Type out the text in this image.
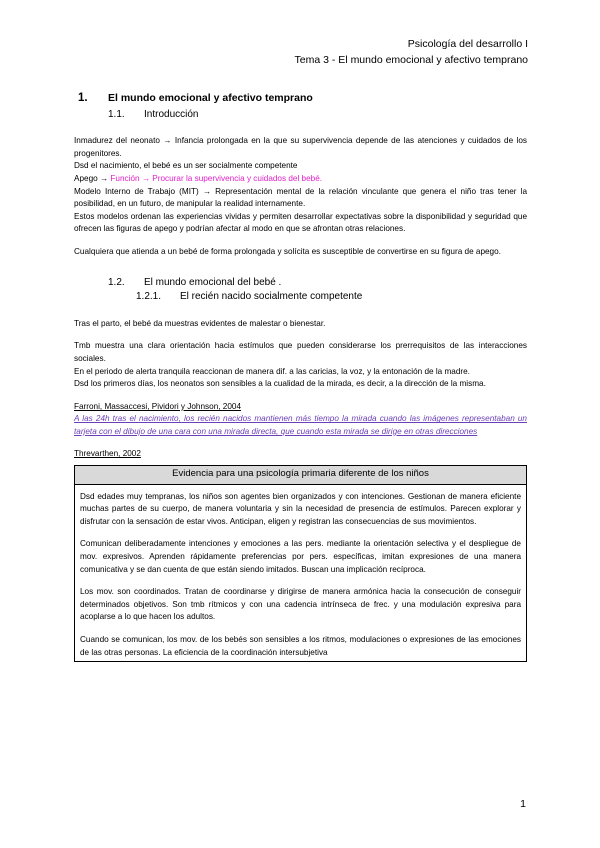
Psicología del desarrollo I
Tema 3 - El mundo emocional y afectivo temprano
1.	El mundo emocional y afectivo temprano
1.1.	Introducción

Inmadurez del neonato → Infancia prolongada en la que su supervivencia depende de las atenciones y cuidados de los progenitores.

Dsd el nacimiento, el bebé es un ser socialmente competente

Apego → Función → Procurar la supervivencia y cuidados del bebé.

Modelo Interno de Trabajo (MIT) → Representación mental de la relación vinculante que genera el niño tras tener la posibilidad, en un futuro, de manipular la realidad internamente.

Estos modelos ordenan las experiencias vividas y permiten desarrollar expectativas sobre la disponibilidad y seguridad que ofrecen las figuras de apego y podrían afectar al modo en que se afrontan otras relaciones.

Cualquiera que atienda a un bebé de forma prolongada y solícita es susceptible de convertirse en su figura de apego.

1.2.	El mundo emocional del bebé .
1.2.1.	El recién nacido socialmente competente

Tras el parto, el bebé da muestras evidentes de malestar o bienestar.

Tmb muestra una clara orientación hacia estímulos que pueden considerarse los prerrequisitos de las interacciones sociales.

En el periodo de alerta tranquila reaccionan de manera dif. a las caricias, la voz, y la entonación de la madre.

Dsd los primeros días, los neonatos son sensibles a la cualidad de la mirada, es decir, a la dirección de la misma.

Farroni, Massaccesi, Pividori y Johnson, 2004

A las 24h tras el nacimiento, los recién nacidos mantienen más tiempo la mirada cuando las imágenes representaban un tarjeta con el dibujo de una cara con una mirada directa, que cuando esta mirada se dirige en otras direcciones

Threvarthen, 2002

Evidencia para una psicología primaria diferente de los niños

Dsd edades muy tempranas, los niños son agentes bien organizados y con intenciones. Gestionan de manera eficiente muchas partes de su cuerpo, de manera voluntaria y sin la necesidad de presencia de estímulos. Parecen explorar y disfrutar con la sensación de estar vivos. Anticipan, eligen y registran las consecuencias de sus movimientos.

Comunican deliberadamente intenciones y emociones a las pers. mediante la orientación selectiva y el despliegue de mov. expresivos. Aprenden rápidamente preferencias por pers. específicas, imitan expresiones de una manera comunicativa y se dan cuenta de que están siendo imitados. Buscan una implicación recíproca.

Los mov. son coordinados. Tratan de coordinarse y dirigirse de manera armónica hacia la consecución de conseguir determinados objetivos. Son tmb rítmicos y con una cadencia intrínseca de frec. y una modulación expresiva para acoplarse a lo que hacen los adultos.

Cuando se comunican, los mov. de los bebés son sensibles a los ritmos, modulaciones o expresiones de las emociones de las otras personas. La eficiencia de la coordinación intersubjetiva

1
